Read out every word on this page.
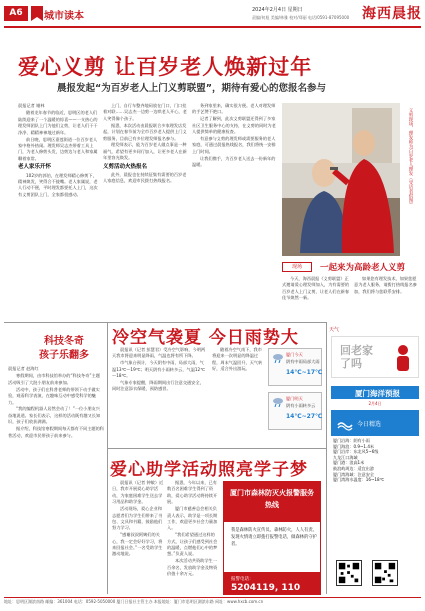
A6	城市读本
2024年2月4日 星期日
责编/何旭 美编/林雅 校对/郑丽 电话/0591-87095000 海西晨报
爱心义剪 让百岁老人焕新过年
晨报发起“为百岁老人上门义剪联盟”，期待有爱心的您报名参与
晨报记者 谢林

随着龙年春节的临近，思明区的老人们陆续迎来了一个温暖的惊喜——一支热心的理发师团队上门为他们义剪，让老人们干干净净、精精神神地过新年。

前日晚，思明区嘉莲街道一位百岁老人家中格外热闹。理发师吴志杰带着工具上门，为老人修剪头发，边剪边与老人和家属聊着家常。

老人家乐开怀

102岁的郭伯，在理发师精心修剪下，精神焕发，笑得合不拢嘴。老人家属说，老人行动不便，平时理发都要托人上门，这次有义剪团队上门，全家都很感动。

上门，自行车整齐地码放在门口，门口挂着对联……吴志杰一边剪一边哄老人开心，老人笑得像个孩子。

据悉，本次活动由晨报联合多家理发店发起，计划在春节前为全市百岁老人提供上门义剪服务，目前已有多位理发师报名参与。

理发师表示，能为百岁老人做点事是一种福气，希望有更多同行加入，让更多老人在新年里容光焕发。

义剪活动火热报名

此外，晨报也在持续征集有需要的百岁老人家庭信息，欢迎市民拨打热线报名。

务到家里来，确实很方便。老人对理发师的手艺赞不绝口。

记者了解到，此次义剪联盟还得到了多家社区卫生服务中心的支持，在义剪的同时为老人提供简单的健康检查。

有意参与义剪的理发师或需要服务的老人家庭，可通过晨报热线报名，我们将统一安排上门时间。

让我们携手，为百岁老人送去一份新年的温暖。	义剪现场，理发师为百岁老人理发（受访者供图）
现场	一起来为高龄老人义剪

今天，海西晨报《义剪联盟》正式邀请爱心理发师加入，为有需要的百岁老人上门义剪，让老人们在新春佳节焕然一新。

如果您有理发技术，如果您愿意为老人服务，请拨打热线报名参加，我们将与您联系安排。

科技冬奇
孩子乐翻多
晨报记者 赵海红

寒假期间，由市科技馆举办的“科技冬奇”主题活动吸引了大批小朋友前来参加。

活动中，孩子们在科普老师的带领下动手做实验，观看科学表演，在趣味互动中感受科学的魅力。

“我的编程机器人居然会动了！”一位小朋友兴奋地说道。家长们表示，这样的活动既有趣又长知识，孩子们收获满满。

据介绍，科技馆寒假期间每天都有不同主题的科普活动，欢迎市民带孩子前来参与。

冷空气袭夏 今日雨势大

晨报讯（记者 彭慧君）受冷空气影响，今明两天我市将迎来明显降雨，气温也将有所下降。

市气象台预计，今天阴有中雨，局部大雨，气温13℃～19℃；明天阴有小雨转多云，气温12℃～18℃。

气象专家提醒，降雨期间出行注意交通安全，同时注意添衣保暖，预防感冒。

随着冷空气南下，我市将迎来一次明显的降温过程，周末气温回升，天气转好，适合外出游玩。

厦门今天
阴有中雨局部大雨
14℃~17℃
厦门明天
阴有小雨转多云
14℃~27℃
爱心助学活动照亮学子梦

晨报讯（记者 钟敏）近日，我市开展爱心助学活动，为家庭困难学生送去学习用品和助学金。

活动现场，爱心企业和志愿者们为学生们带来了书包、文具和书籍，鼓励他们努力学习。

“感谢叔叔阿姨们的关心，我一定会好好学习，将来回报社会。”一名受助学生激动地说。

据悉，今年以来，已有数百名困难学生得到了资助，爱心助学活动将持续开展。

厦门市慈善总会相关负责人表示，助学是一项长期工作，欢迎更多社会力量加入。

“我们希望通过这样的方式，让孩子们感受到社会的温暖，点燃他们心中的梦想。”负责人说。

本次活动共资助学生一百余名，发放助学金及物资价值十余万元。

厦门市森林防灭火报警服务热线
我是森林防火宣传员。森林防火，人人有责。发现火情请立即拨打报警电话，做森林的守护者。
报警电话：
5204119, 110
天气
回老家
了吗
厦门海洋预报
2月4日
今日精选
厦门沿海：阴有小雨
厦门海浪：0.9~1.4米
厦门沿岸：东北风5~6级
九龙江口海域
厦门港：浪高1米
鼓浪屿周边：适宜出游
厦门湾海域：注意安全
厦门湾海水温度：16~18℃
地址：思明区湖滨南路 邮编：361004 电话：0592-5050000 厦门日报社主管主办 本报地址：厦门市思明区湖滨东路 网址：www.hxcb.com.cn
